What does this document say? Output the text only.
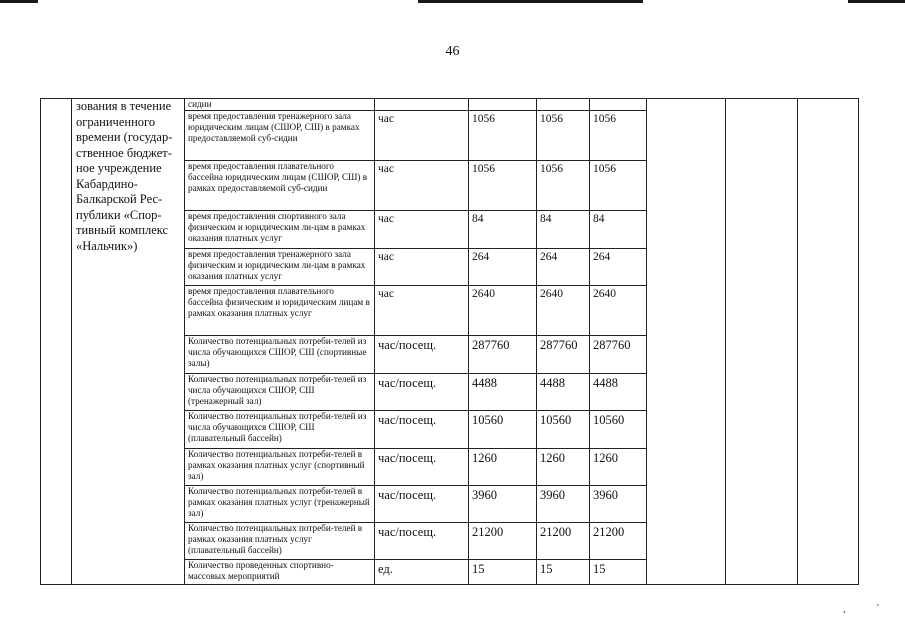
46
	зования в течение ограниченного времени (государ-ственное бюджет-ное учреждение Кабардино-Балкарской Рес-публики «Спор-тивный комплекс «Нальчик»)	сидии							
		время предоставления тренажерного зала юридическим лицам (СШОР, СШ) в рамках предоставляемой суб-сидии	час	1056	1056	1056			
		время предоставления плавательного бассейна юридическим лицам (СШОР, СШ) в рамках предоставляемой суб-сидии	час	1056	1056	1056			
		время предоставления спортивного зала физическим и юридическим ли-цам в рамках оказания платных услуг	час	84	84	84			
		время предоставления тренажерного зала физическим и юридическим ли-цам в рамках оказания платных услуг	час	264	264	264			
		время предоставления плавательного бассейна физическим и юридическим лицам в рамках оказания платных услуг	час	2640	2640	2640			
		Количество потенциальных потреби-телей из числа обучающихся СШОР, СШ (спортивные залы)	час/посещ.	287760	287760	287760			
		Количество потенциальных потреби-телей из числа обучающихся СШОР, СШ (тренажерный зал)	час/посещ.	4488	4488	4488			
		Количество потенциальных потреби-телей из числа обучающихся СШОР, СШ (плавательный бассейн)	час/посещ.	10560	10560	10560			
		Количество потенциальных потреби-телей в рамках оказания платных услуг (спортивный зал)	час/посещ.	1260	1260	1260			
		Количество потенциальных потреби-телей в рамках оказания платных услуг (тренажерный зал)	час/посещ.	3960	3960	3960			
		Количество потенциальных потреби-телей в рамках оказания платных услуг (плавательный бассейн)	час/посещ.	21200	21200	21200			
		Количество проведенных спортивно-массовых мероприятий	ед.	15	15	15			
,	'
